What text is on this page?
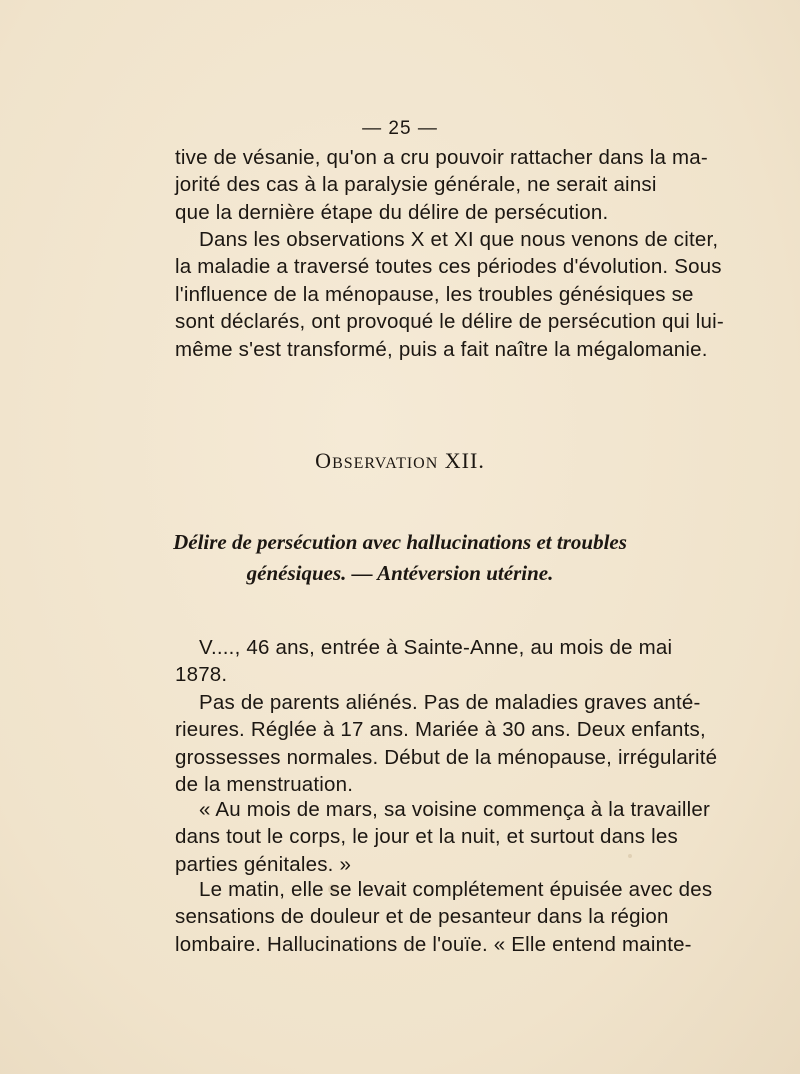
— 25 —
tive de vésanie, qu'on a cru pouvoir rattacher dans la ma-
jorité des cas à la paralysie générale, ne serait ainsi
que la dernière étape du délire de persécution.
Dans les observations X et XI que nous venons de citer,
la maladie a traversé toutes ces périodes d'évolution. Sous
l'influence de la ménopause, les troubles génésiques se
sont déclarés, ont provoqué le délire de persécution qui lui-
même s'est transformé, puis a fait naître la mégalomanie.
OBSERVATION XII.
Délire de persécution avec hallucinations et troubles
génésiques. — Antéversion utérine.
V...., 46 ans, entrée à Sainte-Anne, au mois de mai
1878.
Pas de parents aliénés. Pas de maladies graves anté-
rieures. Réglée à 17 ans. Mariée à 30 ans. Deux enfants,
grossesses normales. Début de la ménopause, irrégularité
de la menstruation.
« Au mois de mars, sa voisine commença à la travailler
dans tout le corps, le jour et la nuit, et surtout dans les
parties génitales. »
Le matin, elle se levait complétement épuisée avec des
sensations de douleur et de pesanteur dans la région
lombaire. Hallucinations de l'ouïe. « Elle entend mainte-
